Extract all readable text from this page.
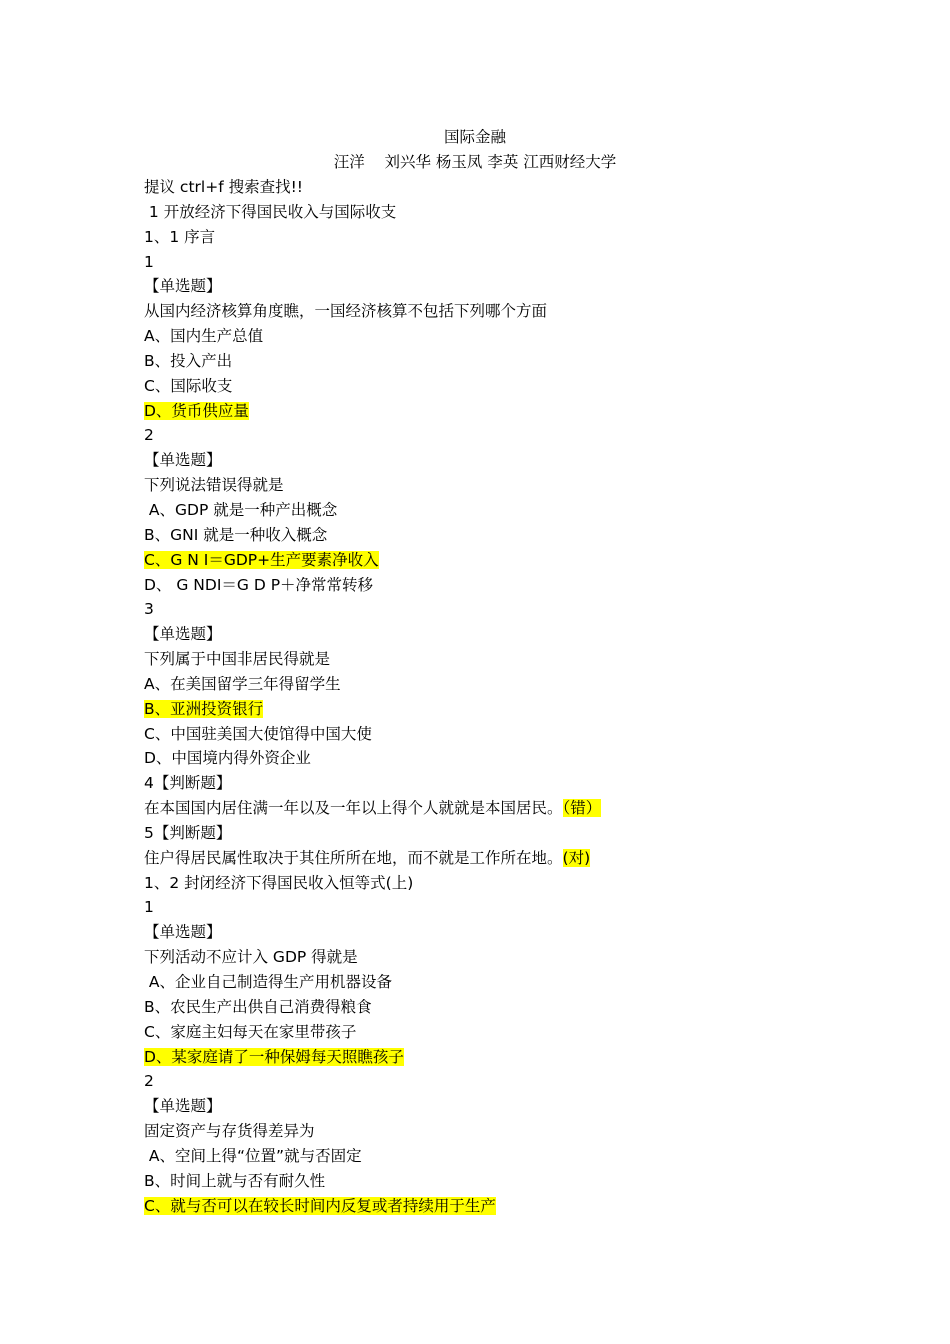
国际金融
汪洋    刘兴华 杨玉凤 李英 江西财经大学
提议 ctrl+f 搜索查找!!
1 开放经济下得国民收入与国际收支
1、1 序言
1
【单选题】
从国内经济核算角度瞧，一国经济核算不包括下列哪个方面
A、国内生产总值
B、投入产出
C、国际收支
D、货币供应量
2
【单选题】
下列说法错误得就是
A、GDP 就是一种产出概念
B、GNI 就是一种收入概念
C、G N I＝GDP+生产要素净收入
D、 G NDI＝G D P＋净常常转移
3
【单选题】
下列属于中国非居民得就是
A、在美国留学三年得留学生
B、亚洲投资银行
C、中国驻美国大使馆得中国大使
D、中国境内得外资企业
4【判断题】
在本国国内居住满一年以及一年以上得个人就就是本国居民。（错）
5【判断题】
住户得居民属性取决于其住所所在地，而不就是工作所在地。(对)
1、2 封闭经济下得国民收入恒等式(上)
1
【单选题】
下列活动不应计入 GDP 得就是
A、企业自己制造得生产用机器设备
B、农民生产出供自己消费得粮食
C、家庭主妇每天在家里带孩子
D、某家庭请了一种保姆每天照瞧孩子
2
【单选题】
固定资产与存货得差异为
A、空间上得“位置”就与否固定
B、时间上就与否有耐久性
C、就与否可以在较长时间内反复或者持续用于生产
